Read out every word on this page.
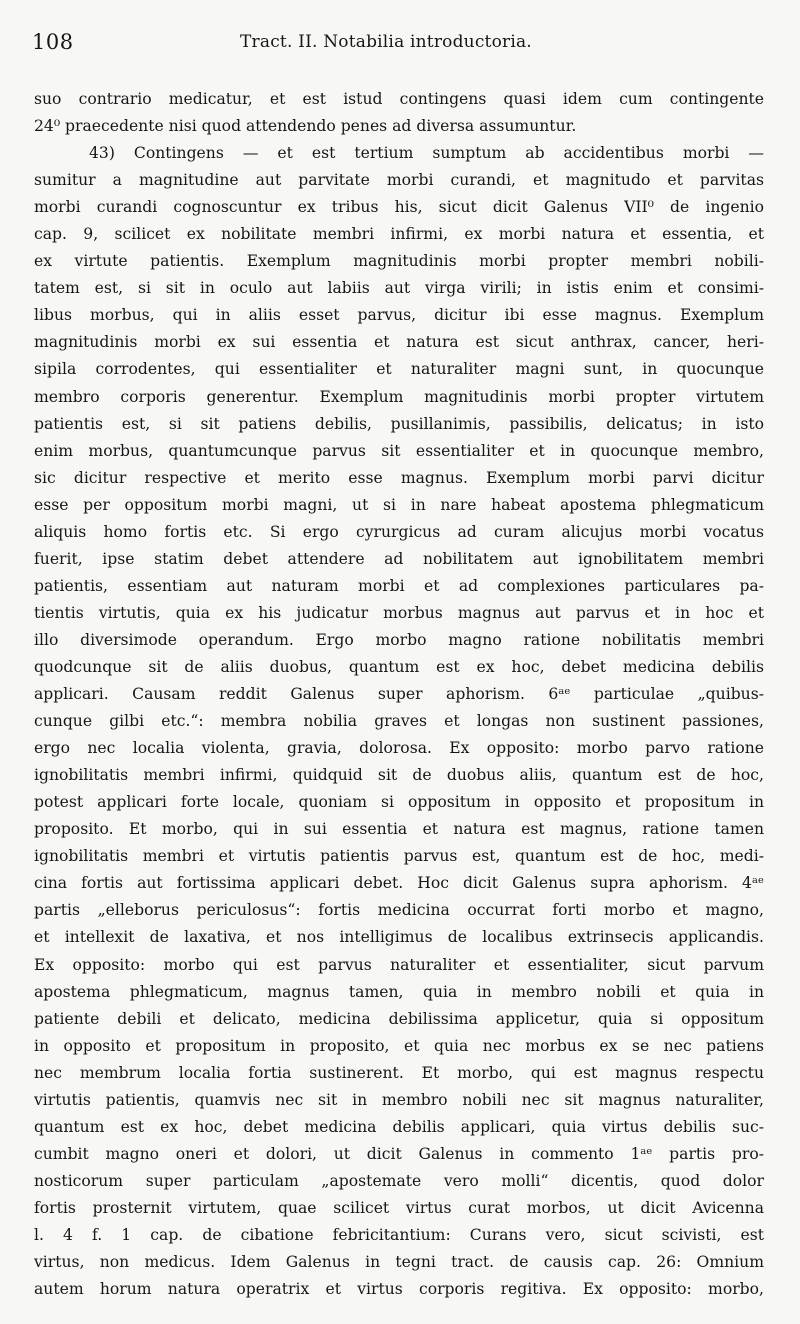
108	Tract. II. Notabilia introductoria.
suo contrario medicatur, et est istud contingens quasi idem cum contingente
24⁰ praecedente nisi quod attendendo penes ad diversa assumuntur.
43) Contingens — et est tertium sumptum ab accidentibus morbi —
sumitur a magnitudine aut parvitate morbi curandi, et magnitudo et parvitas
morbi curandi cognoscuntur ex tribus his, sicut dicit Galenus VII⁰ de ingenio
cap. 9, scilicet ex nobilitate membri infirmi, ex morbi natura et essentia, et
ex virtute patientis. Exemplum magnitudinis morbi propter membri nobili-
tatem est, si sit in oculo aut labiis aut virga virili; in istis enim et consimi-
libus morbus, qui in aliis esset parvus, dicitur ibi esse magnus. Exemplum
magnitudinis morbi ex sui essentia et natura est sicut anthrax, cancer, heri-
sipila corrodentes, qui essentialiter et naturaliter magni sunt, in quocunque
membro corporis generentur. Exemplum magnitudinis morbi propter virtutem
patientis est, si sit patiens debilis, pusillanimis, passibilis, delicatus; in isto
enim morbus, quantumcunque parvus sit essentialiter et in quocunque membro,
sic dicitur respective et merito esse magnus. Exemplum morbi parvi dicitur
esse per oppositum morbi magni, ut si in nare habeat apostema phlegmaticum
aliquis homo fortis etc. Si ergo cyrurgicus ad curam alicujus morbi vocatus
fuerit, ipse statim debet attendere ad nobilitatem aut ignobilitatem membri
patientis, essentiam aut naturam morbi et ad complexiones particulares pa-
tientis virtutis, quia ex his judicatur morbus magnus aut parvus et in hoc et
illo diversimode operandum. Ergo morbo magno ratione nobilitatis membri
quodcunque sit de aliis duobus, quantum est ex hoc, debet medicina debilis
applicari. Causam reddit Galenus super aphorism. 6ᵃᵉ particulae „quibus-
cunque gilbi etc.“: membra nobilia graves et longas non sustinent passiones,
ergo nec localia violenta, gravia, dolorosa. Ex opposito: morbo parvo ratione
ignobilitatis membri infirmi, quidquid sit de duobus aliis, quantum est de hoc,
potest applicari forte locale, quoniam si oppositum in opposito et propositum in
proposito. Et morbo, qui in sui essentia et natura est magnus, ratione tamen
ignobilitatis membri et virtutis patientis parvus est, quantum est de hoc, medi-
cina fortis aut fortissima applicari debet. Hoc dicit Galenus supra aphorism. 4ᵃᵉ
partis „elleborus periculosus“: fortis medicina occurrat forti morbo et magno,
et intellexit de laxativa, et nos intelligimus de localibus extrinsecis applicandis.
Ex opposito: morbo qui est parvus naturaliter et essentialiter, sicut parvum
apostema phlegmaticum, magnus tamen, quia in membro nobili et quia in
patiente debili et delicato, medicina debilissima applicetur, quia si oppositum
in opposito et propositum in proposito, et quia nec morbus ex se nec patiens
nec membrum localia fortia sustinerent. Et morbo, qui est magnus respectu
virtutis patientis, quamvis nec sit in membro nobili nec sit magnus naturaliter,
quantum est ex hoc, debet medicina debilis applicari, quia virtus debilis suc-
cumbit magno oneri et dolori, ut dicit Galenus in commento 1ᵃᵉ partis pro-
nosticorum super particulam „apostemate vero molli“ dicentis, quod dolor
fortis prosternit virtutem, quae scilicet virtus curat morbos, ut dicit Avicenna
l. 4 f. 1 cap. de cibatione febricitantium: Curans vero, sicut scivisti, est
virtus, non medicus. Idem Galenus in tegni tract. de causis cap. 26: Omnium
autem horum natura operatrix et virtus corporis regitiva. Ex opposito: morbo,
